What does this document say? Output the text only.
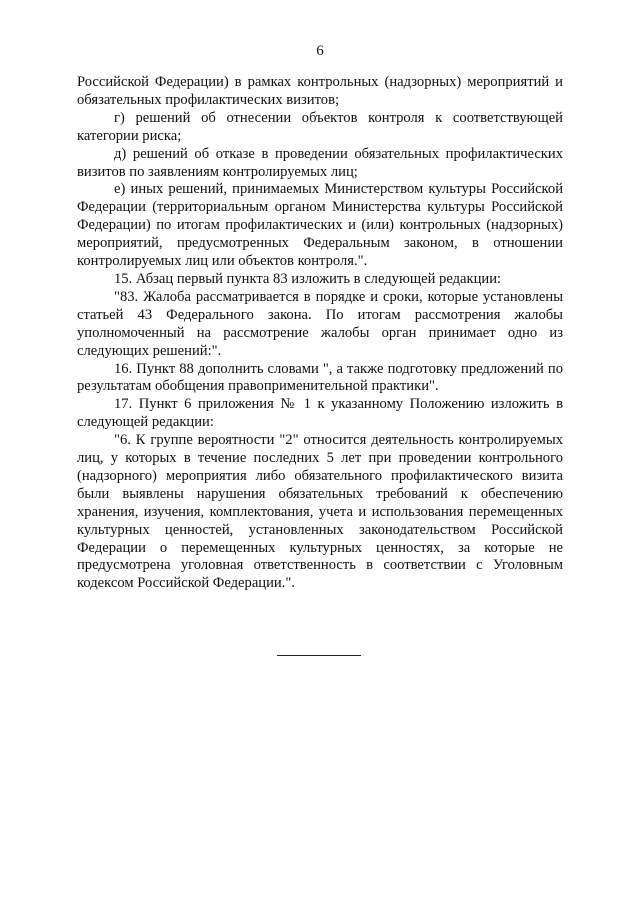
6

Российской Федерации) в рамках контрольных (надзорных) мероприятий и обязательных профилактических визитов;

г) решений об отнесении объектов контроля к соответствующей категории риска;

д) решений об отказе в проведении обязательных профилактических визитов по заявлениям контролируемых лиц;

е) иных решений, принимаемых Министерством культуры Российской Федерации (территориальным органом Министерства культуры Российской Федерации) по итогам профилактических и (или) контрольных (надзорных) мероприятий, предусмотренных Федеральным законом, в отношении контролируемых лиц или объектов контроля.".

15. Абзац первый пункта 83 изложить в следующей редакции:

"83. Жалоба рассматривается в порядке и сроки, которые установлены статьей 43 Федерального закона. По итогам рассмотрения жалобы уполномоченный на рассмотрение жалобы орган принимает одно из следующих решений:".

16. Пункт 88 дополнить словами ", а также подготовку предложений по результатам обобщения правоприменительной практики".

17. Пункт 6 приложения № 1 к указанному Положению изложить в следующей редакции:

"6. К группе вероятности "2" относится деятельность контролируемых лиц, у которых в течение последних 5 лет при проведении контрольного (надзорного) мероприятия либо обязательного профилактического визита были выявлены нарушения обязательных требований к обеспечению хранения, изучения, комплектования, учета и использования перемещенных культурных ценностей, установленных законодательством Российской Федерации о перемещенных культурных ценностях, за которые не предусмотрена уголовная ответственность в соответствии с Уголовным кодексом Российской Федерации.".
